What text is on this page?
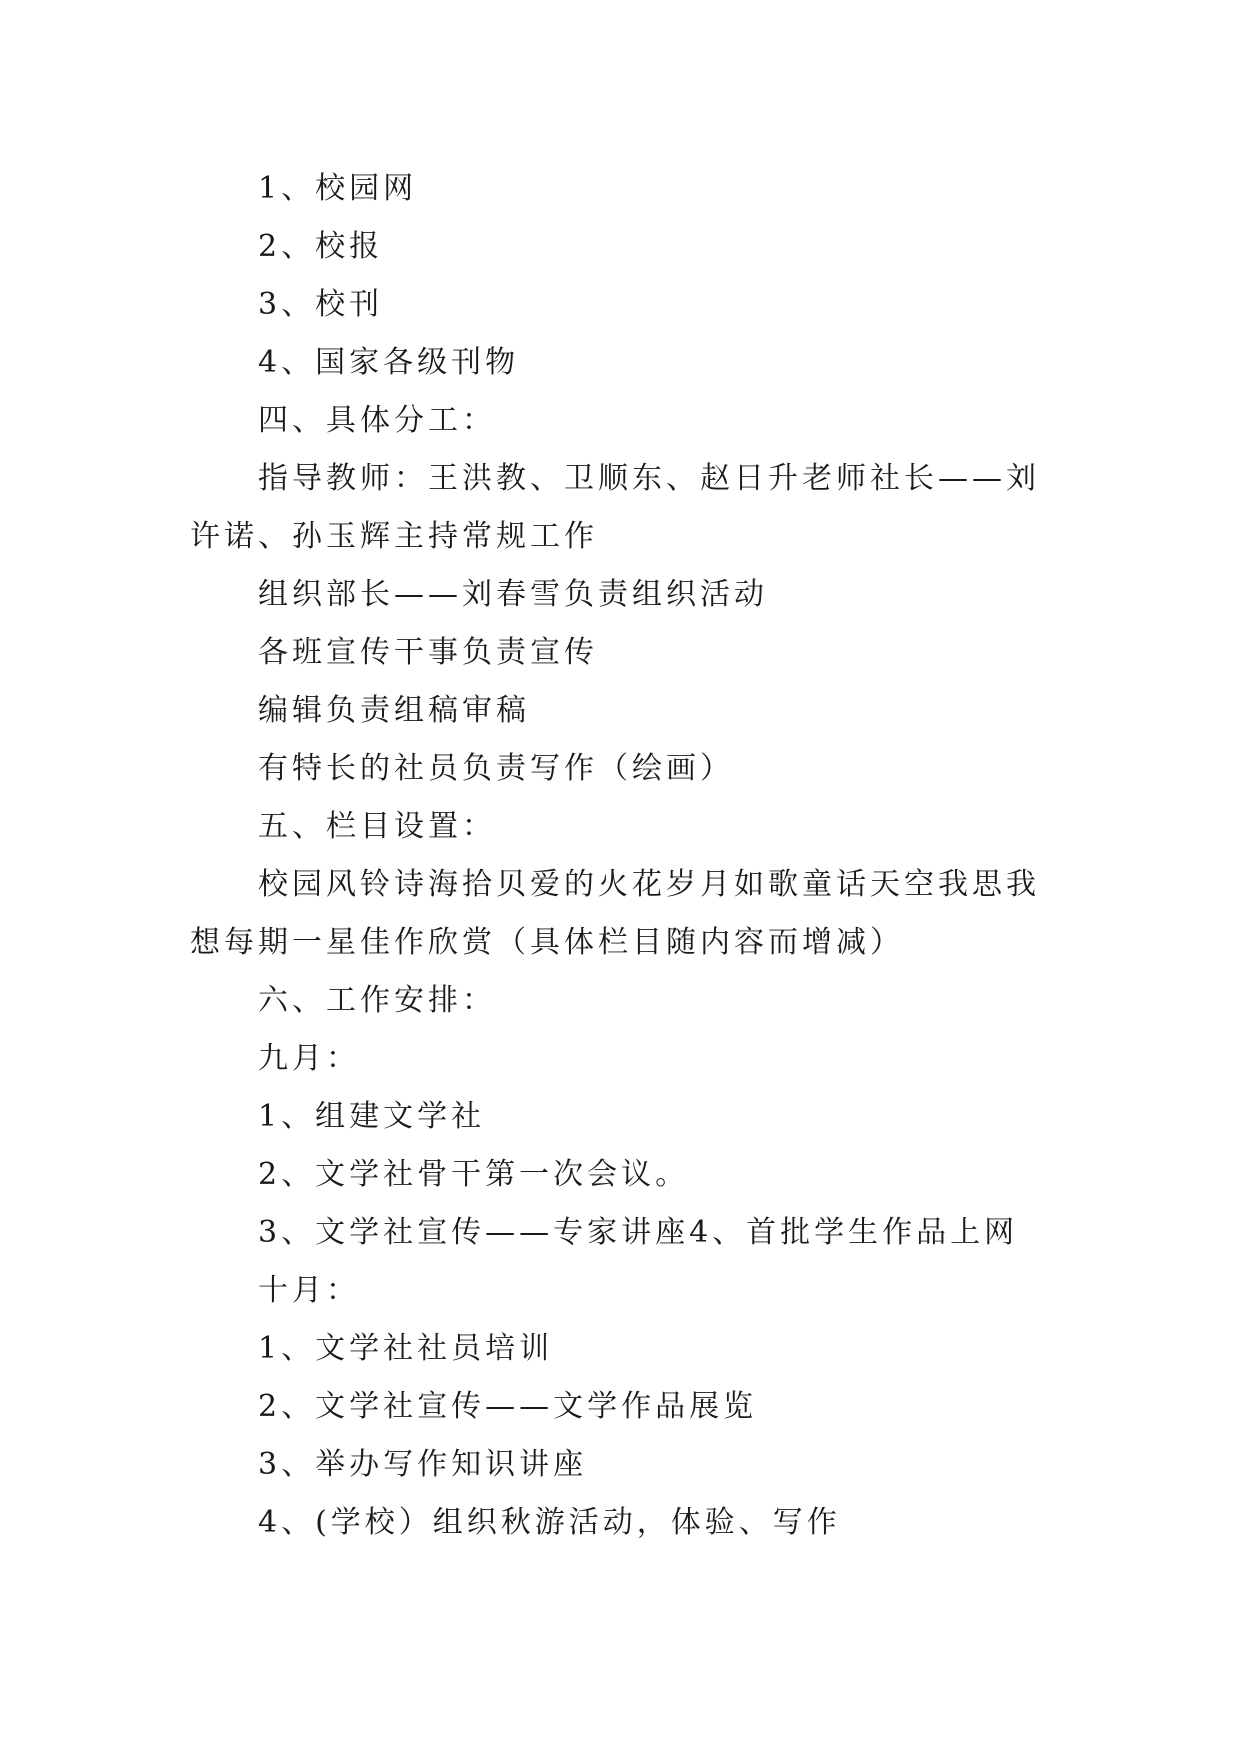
1、校园网

2、校报

3、校刊

4、国家各级刊物

四、具体分工：

指导教师：王洪教、卫顺东、赵日升老师社长——刘许诺、孙玉辉主持常规工作

组织部长——刘春雪负责组织活动

各班宣传干事负责宣传

编辑负责组稿审稿

有特长的社员负责写作（绘画）

五、栏目设置：

校园风铃诗海拾贝爱的火花岁月如歌童话天空我思我想每期一星佳作欣赏（具体栏目随内容而增减）

六、工作安排：

九月：

1、组建文学社

2、文学社骨干第一次会议。

3、文学社宣传——专家讲座4、首批学生作品上网

十月：

1、文学社社员培训

2、文学社宣传——文学作品展览

3、举办写作知识讲座

4、(学校）组织秋游活动，体验、写作
